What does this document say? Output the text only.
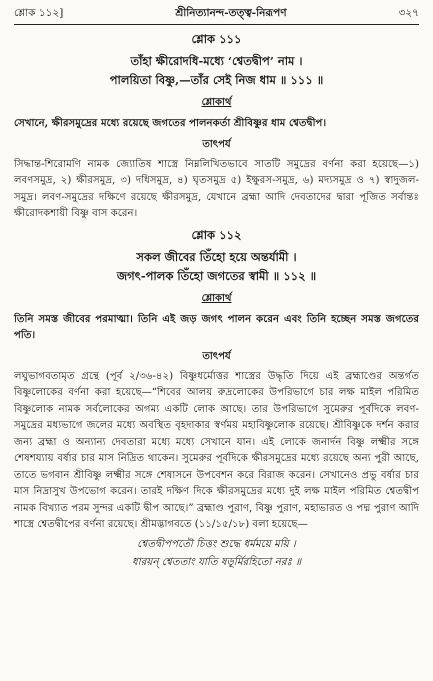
শ্লোক ১১২]	শ্রীনিত্যানন্দ-তত্ত্ব-নিরূপণ	৩২৭
শ্লোক ১১১
তাঁহা ক্ষীরোদধি-মধ্যে ‘শ্বেতদ্বীপ’ নাম ।
পালয়িতা বিষ্ণু,—তাঁর সেই নিজ ধাম ॥ ১১১ ॥
শ্লোকার্থ

সেখানে, ক্ষীরসমুদ্রের মধ্যে রয়েছে জগতের পালনকর্তা শ্রীবিষ্ণুর ধাম শ্বেতদ্বীপ।

তাৎপর্য

সিদ্ধান্ত-শিরোমণি নামক জ্যোতিষ শাস্ত্রে নিম্নলিখিতভাবে সাতটি সমুদ্রের বর্ণনা করা হয়েছে—১) লবণসমুদ্র, ২) ক্ষীরসমুদ্র, ৩) দধিসমুদ্র, ৪) ঘৃতসমুদ্র ৫) ইক্ষুরস-সমুদ্র, ৬) মদ্যসমুদ্র ও ৭) স্বাদুজল-সমুদ্র। লবণ-সমুদ্রের দক্ষিণে রয়েছে ক্ষীরসমুদ্র, যেখানে ব্রহ্মা আদি দেবতাদের দ্বারা পূজিত সর্বান্তঃ ক্ষীরোদকশায়ী বিষ্ণু বাস করেন।

শ্লোক ১১২
সকল জীবের তিঁহো হয়ে অন্তর্যামী ।
জগৎ-পালক তিঁহো জগতের স্বামী ॥ ১১২ ॥
শ্লোকার্থ

তিনি সমস্ত জীবের পরমাত্মা। তিনি এই জড় জগৎ পালন করেন এবং তিনি হচ্ছেন সমস্ত জগতের পতি।

তাৎপর্য

লঘুভাগবতামৃত গ্রন্থে (পূর্ব ২/৩৬-৪২) বিষ্ণুধর্মোত্তর শাস্ত্রের উদ্ধৃতি দিয়ে এই ব্রহ্মাণ্ডের অন্তর্গত বিষ্ণুলোকের বর্ণনা করা হয়েছে—“শিবের আলয় রুদ্রলোকের উপরিভাগে চার লক্ষ মাইল পরিমিত বিষ্ণুলোক নামক সর্বলোকের অগম্য একটি লোক আছে। তার উপরিভাগে সুমেরুর পূর্বদিকে লবণ-সমুদ্রের মধ্যভাগে জলের মধ্যে অবস্থিত বৃহদাকার স্বর্ণময় মহাবিষ্ণুলোক রয়েছে। শ্রীবিষ্ণুকে দর্শন করার জন্য ব্রহ্মা ও অন্যান্য দেবতারা মধ্যে মধ্যে সেখানে যান। এই লোকে জনার্দন বিষ্ণু লক্ষ্মীর সঙ্গে শেষশয্যায় বর্ষার চার মাস নিদ্রিত থাকেন। সুমেরুর পূর্বদিকে ক্ষীরসমুদ্রের মধ্যে রয়েছে অন্য পুরী আছে, তাতে ভগবান শ্রীবিষ্ণু লক্ষ্মীর সঙ্গে শেষাসনে উপবেশন করে বিরাজ করেন। সেখানেও প্রভু বর্ষার চার মাস নিদ্রাসুখ উপভোগ করেন। তারই দক্ষিণ দিকে ক্ষীরসমুদ্রের মধ্যে দুই লক্ষ মাইল পরিমিত শ্বেতদ্বীপ নামক বিখ্যাত পরম সুন্দর একটি দ্বীপ আছে।” ব্রহ্মাণ্ড পুরাণ, বিষ্ণু পুরাণ, মহাভারত ও পদ্ম পুরাণ আদি শাস্ত্রে শ্বেতদ্বীপের বর্ণনা রয়েছে। শ্রীমদ্ভাগবতে (১১/১৫/১৮) বলা হয়েছে—

শ্বেতদ্বীপপতৌ চিত্তং শুদ্ধে ধর্মময়ে ময়ি ।
ধারয়ন্ শ্বেততাং যাতি ষড়ূর্মিরহিতো নরঃ ॥
